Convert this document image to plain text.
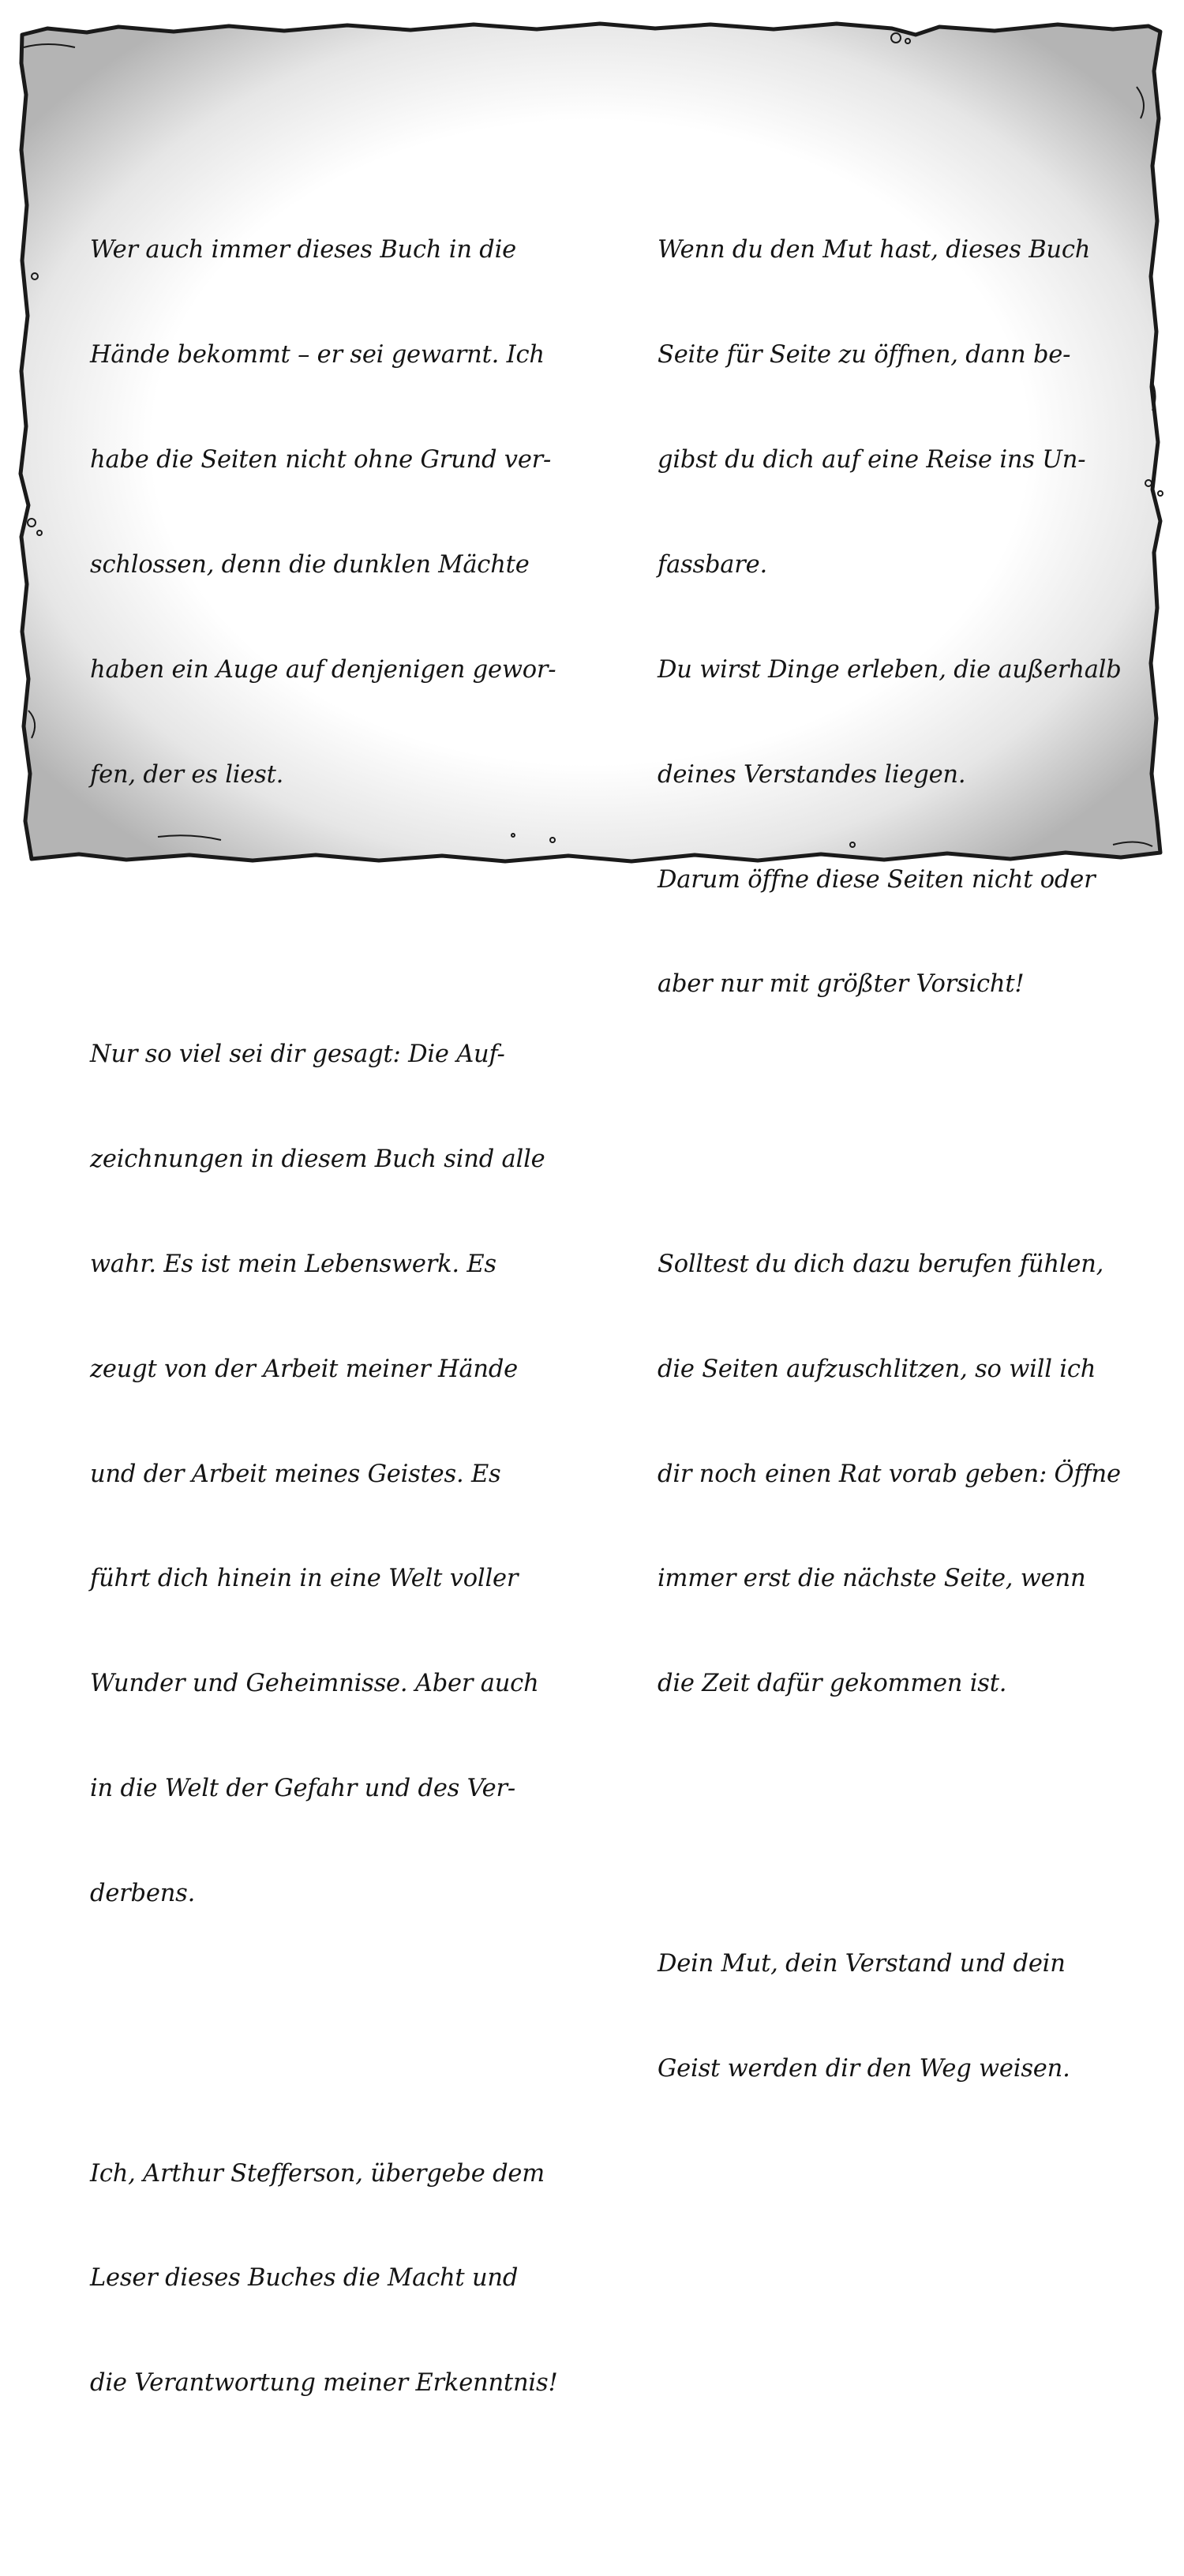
Wer auch immer dieses Buch in die

Hände bekommt – er sei gewarnt. Ich

habe die Seiten nicht ohne Grund ver-

schlossen, denn die dunklen Mächte

haben ein Auge auf denjenigen gewor-

fen, der es liest.

Nur so viel sei dir gesagt: Die Auf-

zeichnungen in diesem Buch sind alle

wahr. Es ist mein Lebenswerk. Es

zeugt von der Arbeit meiner Hände

und der Arbeit meines Geistes. Es

führt dich hinein in eine Welt voller

Wunder und Geheimnisse. Aber auch

in die Welt der Gefahr und des Ver-

derbens.

Ich, Arthur Stefferson, übergebe dem

Leser dieses Buches die Macht und

die Verantwortung meiner Erkenntnis!

Wenn du den Mut hast, dieses Buch

Seite für Seite zu öffnen, dann be-

gibst du dich auf eine Reise ins Un-

fassbare.

Du wirst Dinge erleben, die außerhalb

deines Verstandes liegen.

Darum öffne diese Seiten nicht oder

aber nur mit größter Vorsicht!

Solltest du dich dazu berufen fühlen,

die Seiten aufzuschlitzen, so will ich

dir noch einen Rat vorab geben: Öffne

immer erst die nächste Seite, wenn

die Zeit dafür gekommen ist.

Dein Mut, dein Verstand und dein

Geist werden dir den Weg weisen.
